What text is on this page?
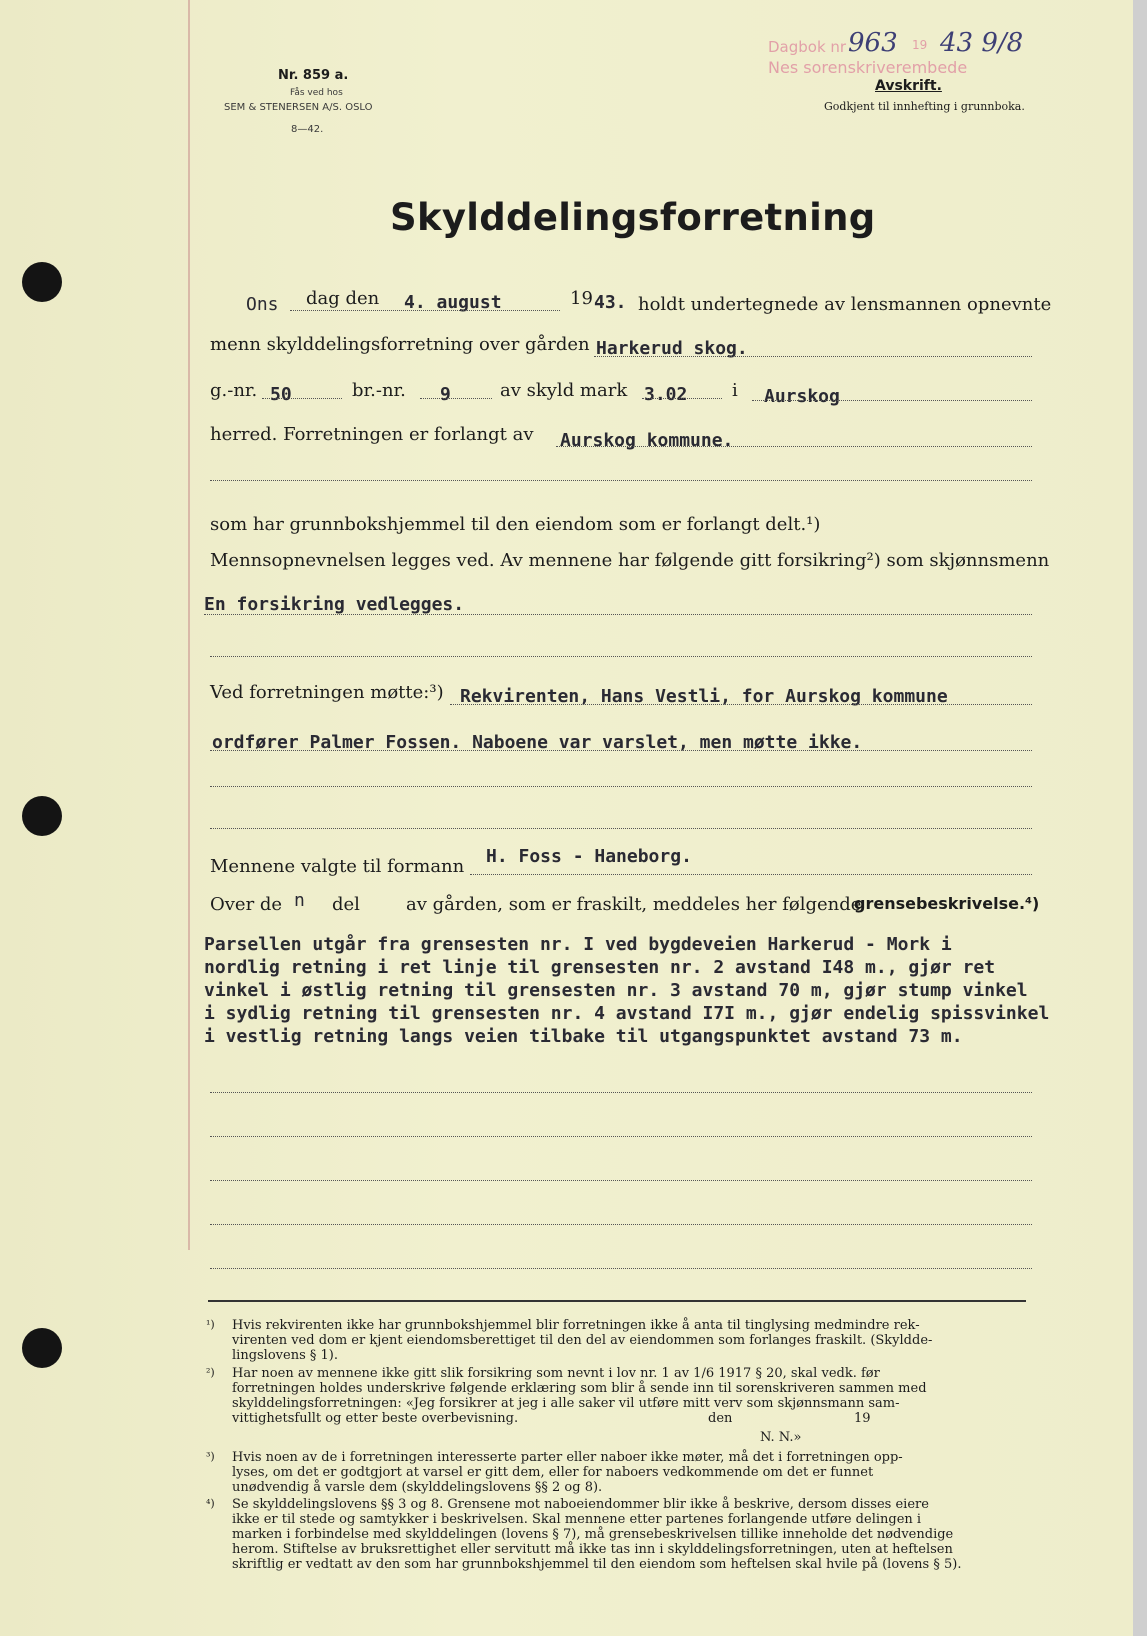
Nr. 859 a.
Fås ved hos
SEM & STENERSEN A/S. OSLO
8—42.
Dagbok nr
Nes sorenskriverembede
963 19 43 9/8
Avskrift.
Godkjent til innhefting i grunnboka.
Skylddelingsforretning
Ons dag den 4. august	19 43. holdt undertegnede av lensmannen opnevnte
menn skylddelingsforretning over gården Harkerud skog.
g.-nr. 50	br.-nr. 9	av skyld mark 3.02 i Aurskog
herred. Forretningen er forlangt av Aurskog kommune.
som har grunnbokshjemmel til den eiendom som er forlangt delt.¹)
Mennsopnevnelsen legges ved. Av mennene har følgende gitt forsikring²) som skjønnsmenn
En forsikring vedlegges.
Ved forretningen møtte:³) Rekvirenten, Hans Vestli, for Aurskog kommune
ordfører Palmer Fossen. Naboene var varslet, men møtte ikke.
Mennene valgte til formann H. Foss - Haneborg.
Over de n del	av gården, som er fraskilt, meddeles her følgende
grensebeskrivelse.⁴)
Parsellen utgår fra grensesten nr. I ved bygdeveien Harkerud - Mork i
nordlig retning i ret linje til grensesten nr. 2 avstand I48 m., gjør ret
vinkel i østlig retning til grensesten nr. 3 avstand 70 m, gjør stump vinkel
i sydlig retning til grensesten nr. 4 avstand I7I m., gjør endelig spissvinkel
i vestlig retning langs veien tilbake til utgangspunktet avstand 73 m.
¹) Hvis rekvirenten ikke har grunnbokshjemmel blir forretningen ikke å anta til tinglysing medmindre rek-
virenten ved dom er kjent eiendomsberettiget til den del av eiendommen som forlanges fraskilt. (Skyldde-
lingslovens § 1).
²) Har noen av mennene ikke gitt slik forsikring som nevnt i lov nr. 1 av 1/6 1917 § 20, skal vedk. før
forretningen holdes underskrive følgende erklæring som blir å sende inn til sorenskriveren sammen med
skylddelingsforretningen: «Jeg forsikrer at jeg i alle saker vil utføre mitt verv som skjønnsmann sam-
vittighetsfullt og etter beste overbevisning.	den	19
N. N.»
³) Hvis noen av de i forretningen interesserte parter eller naboer ikke møter, må det i forretningen opp-
lyses, om det er godtgjort at varsel er gitt dem, eller for naboers vedkommende om det er funnet
unødvendig å varsle dem (skylddelingslovens §§ 2 og 8).
⁴) Se skylddelingslovens §§ 3 og 8. Grensene mot naboeiendommer blir ikke å beskrive, dersom disses eiere
ikke er til stede og samtykker i beskrivelsen. Skal mennene etter partenes forlangende utføre delingen i
marken i forbindelse med skylddelingen (lovens § 7), må grensebeskrivelsen tillike inneholde det nødvendige
herom. Stiftelse av bruksrettighet eller servitutt må ikke tas inn i skylddelingsforretningen, uten at heftelsen
skriftlig er vedtatt av den som har grunnbokshjemmel til den eiendom som heftelsen skal hvile på (lovens § 5).
